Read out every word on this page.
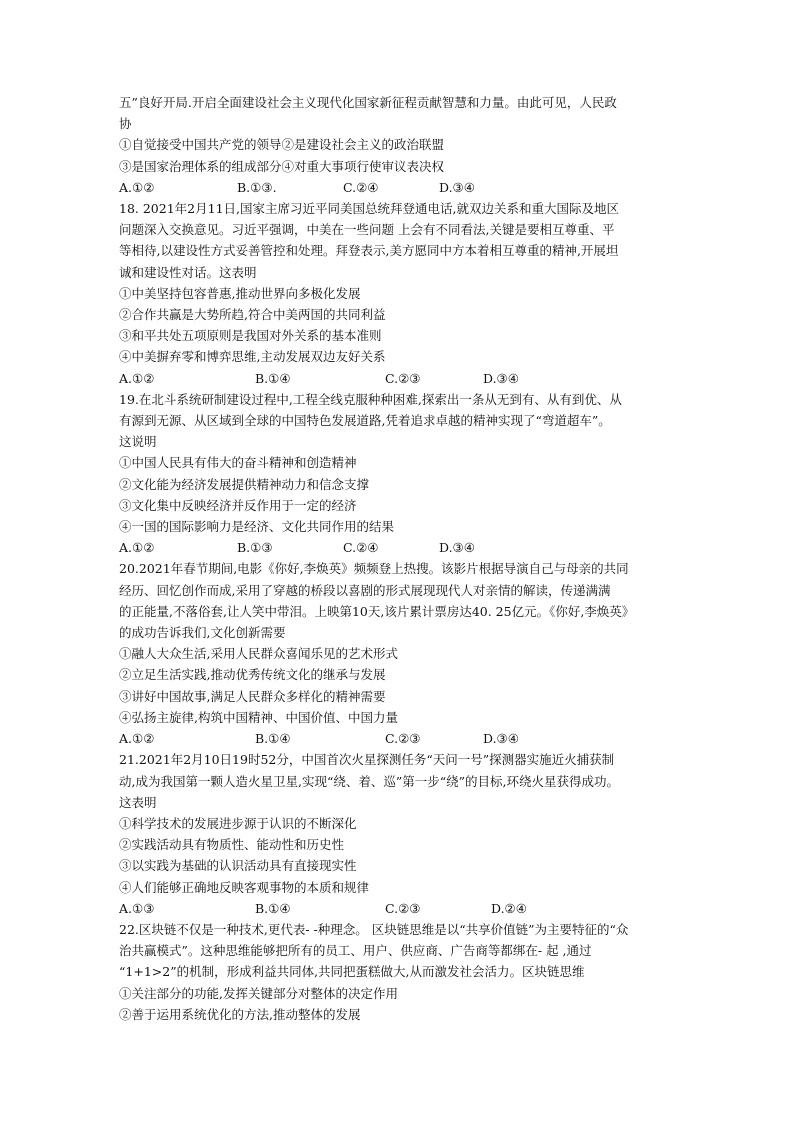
五”良好开局.开启全面建设社会主义现代化国家新征程贡献智慧和力量。由此可见，人民政

协

①自觉接受中国共产党的领导②是建设社会主义的政治联盟

③是国家治理体系的组成部分④对重大事项行使审议表决权

A.①②	B.①③.	C.②④	D.③④

18. 2021年2月11日,国家主席习近平同美国总统拜登通电话,就双边关系和重大国际及地区

问题深入交换意见。习近平强调，中美在一些问题 上会有不同看法,关键是要相互尊重、平

等相待,以建设性方式妥善管控和处理。拜登表示,美方愿同中方本着相互尊重的精神,开展坦

诚和建设性对话。这表明

①中美坚持包容普惠,推动世界向多极化发展

②合作共赢是大势所趋,符合中美两国的共同利益

③和平共处五项原则是我国对外关系的基本准则

④中美摒弃零和博弈思维,主动发展双边友好关系

A.①②	B.①④	C.②③	D.③④

19.在北斗系统研制建设过程中,工程全线克服种种困难,探索出一条从无到有、从有到优、从

有源到无源、从区域到全球的中国特色发展道路,凭着追求卓越的精神实现了“弯道超车”。

这说明

①中国人民具有伟大的奋斗精神和创造精神

②文化能为经济发展提供精神动力和信念支撑

③文化集中反映经济并反作用于一定的经济

④一国的国际影响力是经济、文化共同作用的结果

A.①②	B.①③	C.②④	D.③④

20.2021年春节期间,电影《你好,李焕英》频频登上热搜。该影片根据导演自己与母亲的共同

经历、回忆创作而成,采用了穿越的桥段以喜剧的形式展现现代人对亲情的解读，传递满满

的正能量,不落俗套,让人笑中带泪。上映第10天,该片累计票房达40. 25亿元。《你好,李焕英》

的成功告诉我们,文化创新需要

①融人大众生活,采用人民群众喜闻乐见的艺术形式

②立足生活实践,推动优秀传统文化的继承与发展

③讲好中国故事,满足人民群众多样化的精神需要

④弘扬主旋律,构筑中国精神、中国价值、中国力量

A.①②	B.①④	C.②③	D.③④

21.2021年2月10日19时52分，中国首次火星探测任务“天问一号”探测器实施近火捕获制

动,成为我国第一颗人造火星卫星,实现“绕、着、巡”第一步“绕”的目标,环绕火星获得成功。

这表明

①科学技术的发展进步源于认识的不断深化

②实践活动具有物质性、能动性和历史性

③以实践为基础的认识活动具有直接现实性

④人们能够正确地反映客观事物的本质和规律

A.①③	B.①④	C.②③	D.②④

22.区块链不仅是一种技术,更代表- -种理念。 区块链思维是以“共享价值链”为主要特征的“众

治共赢模式”。这种思维能够把所有的员工、用户、供应商、广告商等都绑在- 起 ,通过

“1+1>2”的机制，形成利益共同体,共同把蛋糕做大,从而激发社会活力。区块链思维

①关注部分的功能,发挥关键部分对整体的决定作用

②善于运用系统优化的方法,推动整体的发展
